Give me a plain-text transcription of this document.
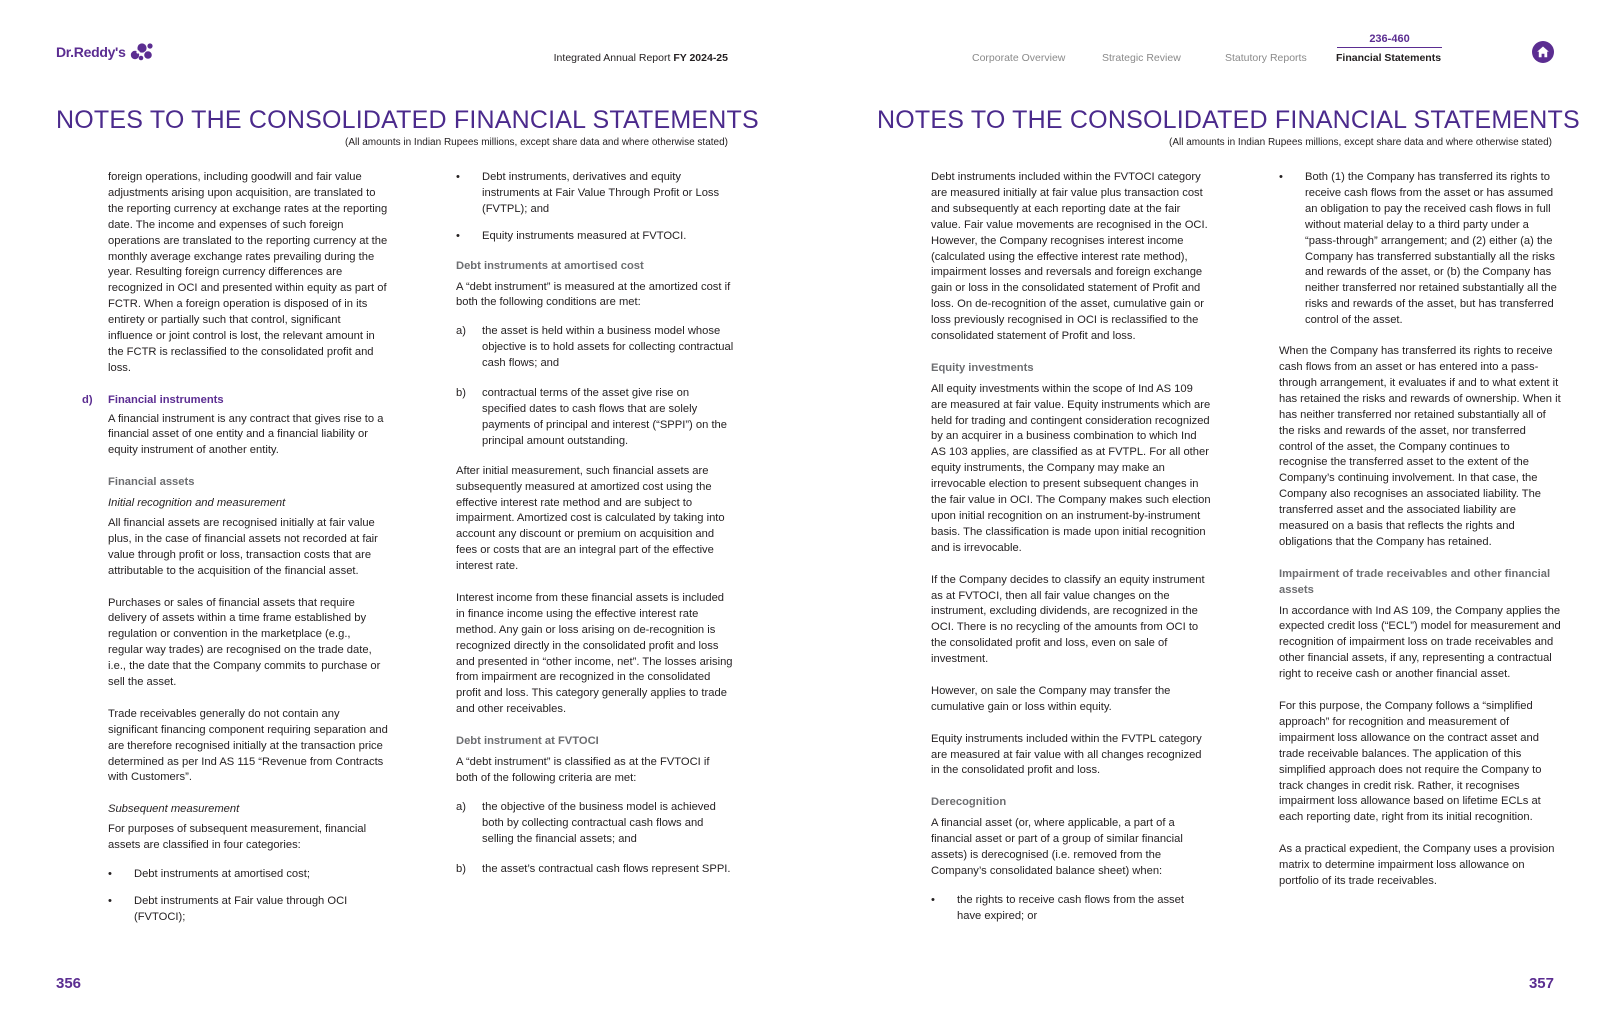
Dr.Reddy's	Integrated Annual Report FY 2024-25	Corporate Overview	Strategic Review	Statutory Reports
236-460
Financial Statements
NOTES TO THE CONSOLIDATED FINANCIAL STATEMENTS
(All amounts in Indian Rupees millions, except share data and where otherwise stated)
NOTES TO THE CONSOLIDATED FINANCIAL STATEMENTS
(All amounts in Indian Rupees millions, except share data and where otherwise stated)

foreign operations, including goodwill and fair value adjustments arising upon acquisition, are translated to the reporting currency at exchange rates at the reporting date. The income and expenses of such foreign operations are translated to the reporting currency at the monthly average exchange rates prevailing during the year. Resulting foreign currency differences are recognized in OCI and presented within equity as part of FCTR. When a foreign operation is disposed of in its entirety or partially such that control, significant influence or joint control is lost, the relevant amount in the FCTR is reclassified to the consolidated profit and loss.

d) Financial instruments

A financial instrument is any contract that gives rise to a financial asset of one entity and a financial liability or equity instrument of another entity.

Financial assets
Initial recognition and measurement

All financial assets are recognised initially at fair value plus, in the case of financial assets not recorded at fair value through profit or loss, transaction costs that are attributable to the acquisition of the financial asset.

Purchases or sales of financial assets that require delivery of assets within a time frame established by regulation or convention in the marketplace (e.g., regular way trades) are recognised on the trade date, i.e., the date that the Company commits to purchase or sell the asset.

Trade receivables generally do not contain any significant financing component requiring separation and are therefore recognised initially at the transaction price determined as per Ind AS 115 “Revenue from Contracts with Customers”.

Subsequent measurement

For purposes of subsequent measurement, financial assets are classified in four categories:

• Debt instruments at amortised cost;
• Debt instruments at Fair value through OCI (FVTOCI);
• Debt instruments, derivatives and equity instruments at Fair Value Through Profit or Loss (FVTPL); and
• Equity instruments measured at FVTOCI.
Debt instruments at amortised cost

A “debt instrument” is measured at the amortized cost if both the following conditions are met:

a) the asset is held within a business model whose objective is to hold assets for collecting contractual cash flows; and
b) contractual terms of the asset give rise on specified dates to cash flows that are solely payments of principal and interest (“SPPI”) on the principal amount outstanding.

After initial measurement, such financial assets are subsequently measured at amortized cost using the effective interest rate method and are subject to impairment. Amortized cost is calculated by taking into account any discount or premium on acquisition and fees or costs that are an integral part of the effective interest rate.

Interest income from these financial assets is included in finance income using the effective interest rate method. Any gain or loss arising on de-recognition is recognized directly in the consolidated profit and loss and presented in “other income, net”. The losses arising from impairment are recognized in the consolidated profit and loss. This category generally applies to trade and other receivables.

Debt instrument at FVTOCI

A “debt instrument” is classified as at the FVTOCI if both of the following criteria are met:

a) the objective of the business model is achieved both by collecting contractual cash flows and selling the financial assets; and
b) the asset’s contractual cash flows represent SPPI.

Debt instruments included within the FVTOCI category are measured initially at fair value plus transaction cost and subsequently at each reporting date at the fair value. Fair value movements are recognised in the OCI. However, the Company recognises interest income (calculated using the effective interest rate method), impairment losses and reversals and foreign exchange gain or loss in the consolidated statement of Profit and loss. On de-recognition of the asset, cumulative gain or loss previously recognised in OCI is reclassified to the consolidated statement of Profit and loss.

Equity investments

All equity investments within the scope of Ind AS 109 are measured at fair value. Equity instruments which are held for trading and contingent consideration recognized by an acquirer in a business combination to which Ind AS 103 applies, are classified as at FVTPL. For all other equity instruments, the Company may make an irrevocable election to present subsequent changes in the fair value in OCI. The Company makes such election upon initial recognition on an instrument-by-instrument basis. The classification is made upon initial recognition and is irrevocable.

If the Company decides to classify an equity instrument as at FVTOCI, then all fair value changes on the instrument, excluding dividends, are recognized in the OCI. There is no recycling of the amounts from OCI to the consolidated profit and loss, even on sale of investment.

However, on sale the Company may transfer the cumulative gain or loss within equity.

Equity instruments included within the FVTPL category are measured at fair value with all changes recognized in the consolidated profit and loss.

Derecognition

A financial asset (or, where applicable, a part of a financial asset or part of a group of similar financial assets) is derecognised (i.e. removed from the Company’s consolidated balance sheet) when:

• the rights to receive cash flows from the asset have expired; or
• Both (1) the Company has transferred its rights to receive cash flows from the asset or has assumed an obligation to pay the received cash flows in full without material delay to a third party under a “pass-through” arrangement; and (2) either (a) the Company has transferred substantially all the risks and rewards of the asset, or (b) the Company has neither transferred nor retained substantially all the risks and rewards of the asset, but has transferred control of the asset.

When the Company has transferred its rights to receive cash flows from an asset or has entered into a pass-through arrangement, it evaluates if and to what extent it has retained the risks and rewards of ownership. When it has neither transferred nor retained substantially all of the risks and rewards of the asset, nor transferred control of the asset, the Company continues to recognise the transferred asset to the extent of the Company’s continuing involvement. In that case, the Company also recognises an associated liability. The transferred asset and the associated liability are measured on a basis that reflects the rights and obligations that the Company has retained.

Impairment of trade receivables and other financial assets

In accordance with Ind AS 109, the Company applies the expected credit loss (“ECL”) model for measurement and recognition of impairment loss on trade receivables and other financial assets, if any, representing a contractual right to receive cash or another financial asset.

For this purpose, the Company follows a “simplified approach” for recognition and measurement of impairment loss allowance on the contract asset and trade receivable balances. The application of this simplified approach does not require the Company to track changes in credit risk. Rather, it recognises impairment loss allowance based on lifetime ECLs at each reporting date, right from its initial recognition.

As a practical expedient, the Company uses a provision matrix to determine impairment loss allowance on portfolio of its trade receivables.

356	357
